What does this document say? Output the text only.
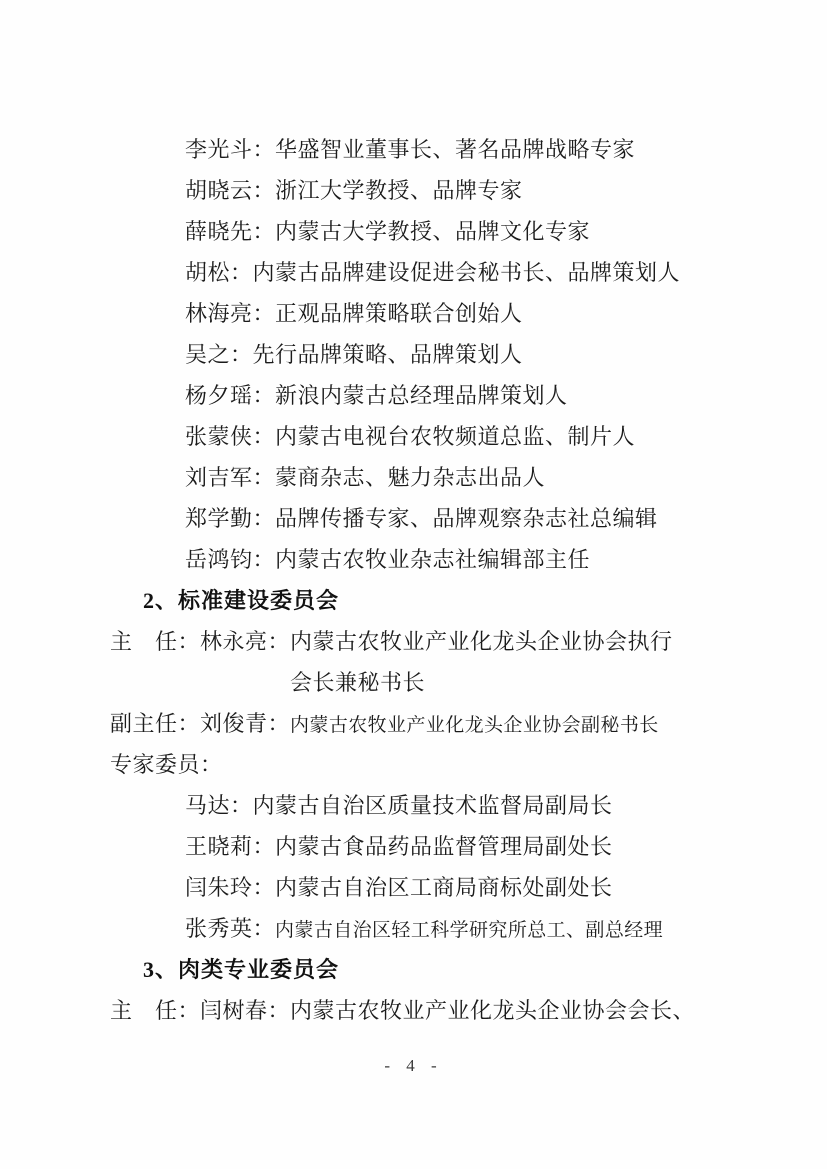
李光斗：华盛智业董事长、著名品牌战略专家
胡晓云：浙江大学教授、品牌专家
薛晓先：内蒙古大学教授、品牌文化专家
胡松：内蒙古品牌建设促进会秘书长、品牌策划人
林海亮：正观品牌策略联合创始人
吴之：先行品牌策略、品牌策划人
杨夕瑶：新浪内蒙古总经理品牌策划人
张蒙侠：内蒙古电视台农牧频道总监、制片人
刘吉军：蒙商杂志、魅力杂志出品人
郑学勤：品牌传播专家、品牌观察杂志社总编辑
岳鸿钧：内蒙古农牧业杂志社编辑部主任
2、标准建设委员会
主　任：林永亮：内蒙古农牧业产业化龙头企业协会执行
会长兼秘书长
副主任：刘俊青：内蒙古农牧业产业化龙头企业协会副秘书长
专家委员：
马达：内蒙古自治区质量技术监督局副局长
王晓莉：内蒙古食品药品监督管理局副处长
闫朱玲：内蒙古自治区工商局商标处副处长
张秀英：内蒙古自治区轻工科学研究所总工、副总经理
3、肉类专业委员会
主　任：闫树春：内蒙古农牧业产业化龙头企业协会会长、
- 4 -
